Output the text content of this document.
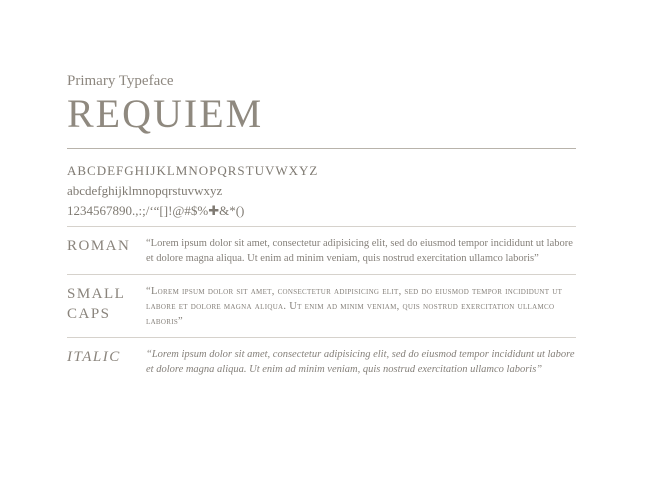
Primary Typeface

REQUIEM
ABCDEFGHIJKLMNOPQRSTUVWXYZ
abcdefghijklmnopqrstuvwxyz
1234567890.,:;/‘“[]!@#$%✚&*()
ROMAN	“Lorem ipsum dolor sit amet, consectetur adipisicing elit, sed do eiusmod tempor incididunt ut labore et dolore magna aliqua. Ut enim ad minim veniam, quis nostrud exercitation ullamco laboris”
SMALL CAPS
“Lorem ipsum dolor sit amet, consectetur adipisicing elit, sed do eiusmod tempor incididunt ut labore et dolore magna aliqua. Ut enim ad minim veniam, quis nostrud exercitation ullamco laboris”
ITALIC	“Lorem ipsum dolor sit amet, consectetur adipisicing elit, sed do eiusmod tempor incididunt ut labore et dolore magna aliqua. Ut enim ad minim veniam, quis nostrud exercitation ullamco laboris”
